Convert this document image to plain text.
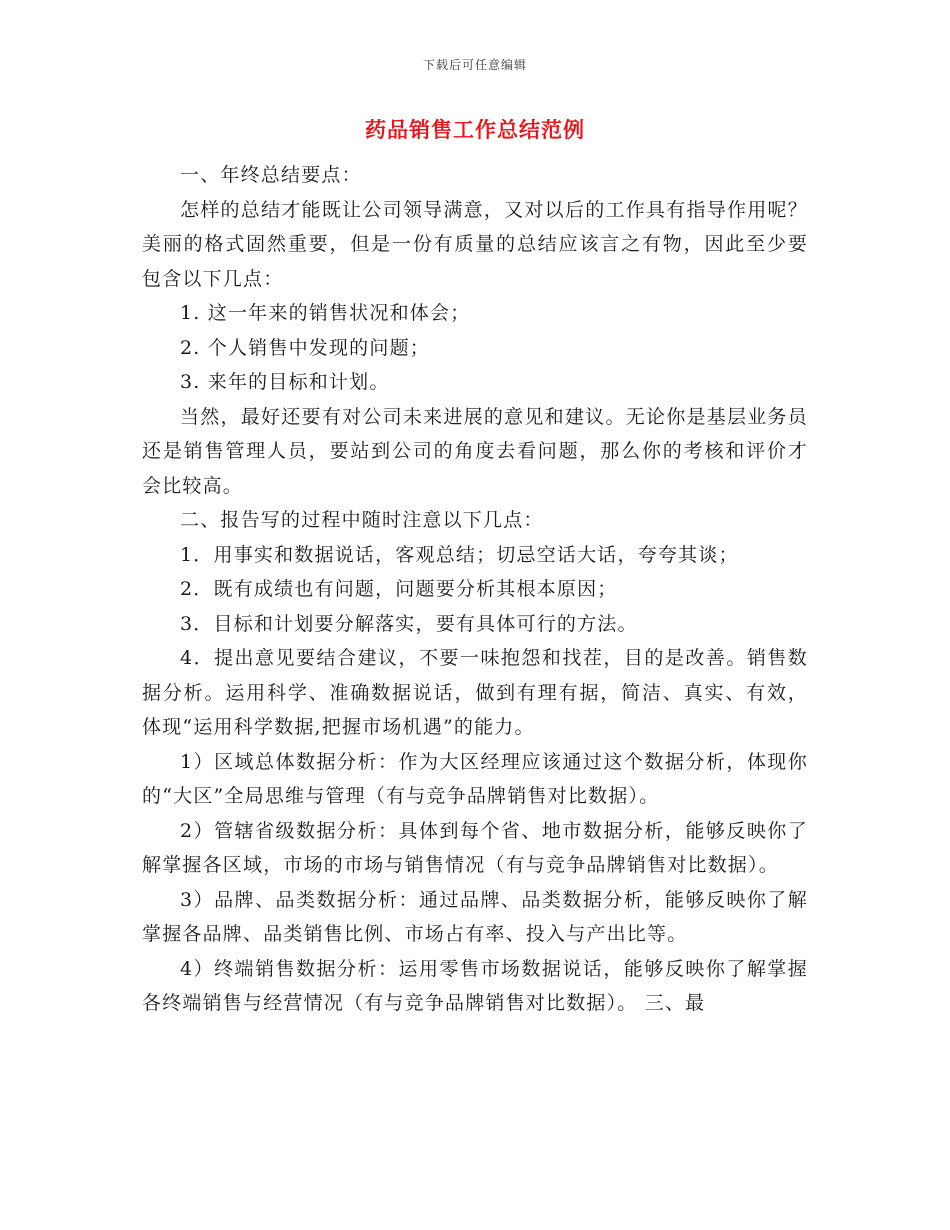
下载后可任意编辑
药品销售工作总结范例

一、年终总结要点：

怎样的总结才能既让公司领导满意，又对以后的工作具有指导作用呢？美丽的格式固然重要，但是一份有质量的总结应该言之有物，因此至少要包含以下几点：

1. 这一年来的销售状况和体会；

2. 个人销售中发现的问题；

3. 来年的目标和计划。

当然，最好还要有对公司未来进展的意见和建议。无论你是基层业务员还是销售管理人员，要站到公司的角度去看问题，那么你的考核和评价才会比较高。

二、报告写的过程中随时注意以下几点：

1．用事实和数据说话，客观总结；切忌空话大话，夸夸其谈；

2．既有成绩也有问题，问题要分析其根本原因；

3．目标和计划要分解落实，要有具体可行的方法。

4．提出意见要结合建议，不要一味抱怨和找茬，目的是改善。销售数据分析。运用科学、准确数据说话，做到有理有据，简洁、真实、有效，体现“运用科学数据,把握市场机遇”的能力。

1）区域总体数据分析：作为大区经理应该通过这个数据分析，体现你的“大区”全局思维与管理（有与竞争品牌销售对比数据）。

2）管辖省级数据分析：具体到每个省、地市数据分析，能够反映你了解掌握各区域，市场的市场与销售情况（有与竞争品牌销售对比数据）。

3）品牌、品类数据分析：通过品牌、品类数据分析，能够反映你了解掌握各品牌、品类销售比例、市场占有率、投入与产出比等。

4）终端销售数据分析：运用零售市场数据说话，能够反映你了解掌握各终端销售与经营情况（有与竞争品牌销售对比数据）。 三、最
